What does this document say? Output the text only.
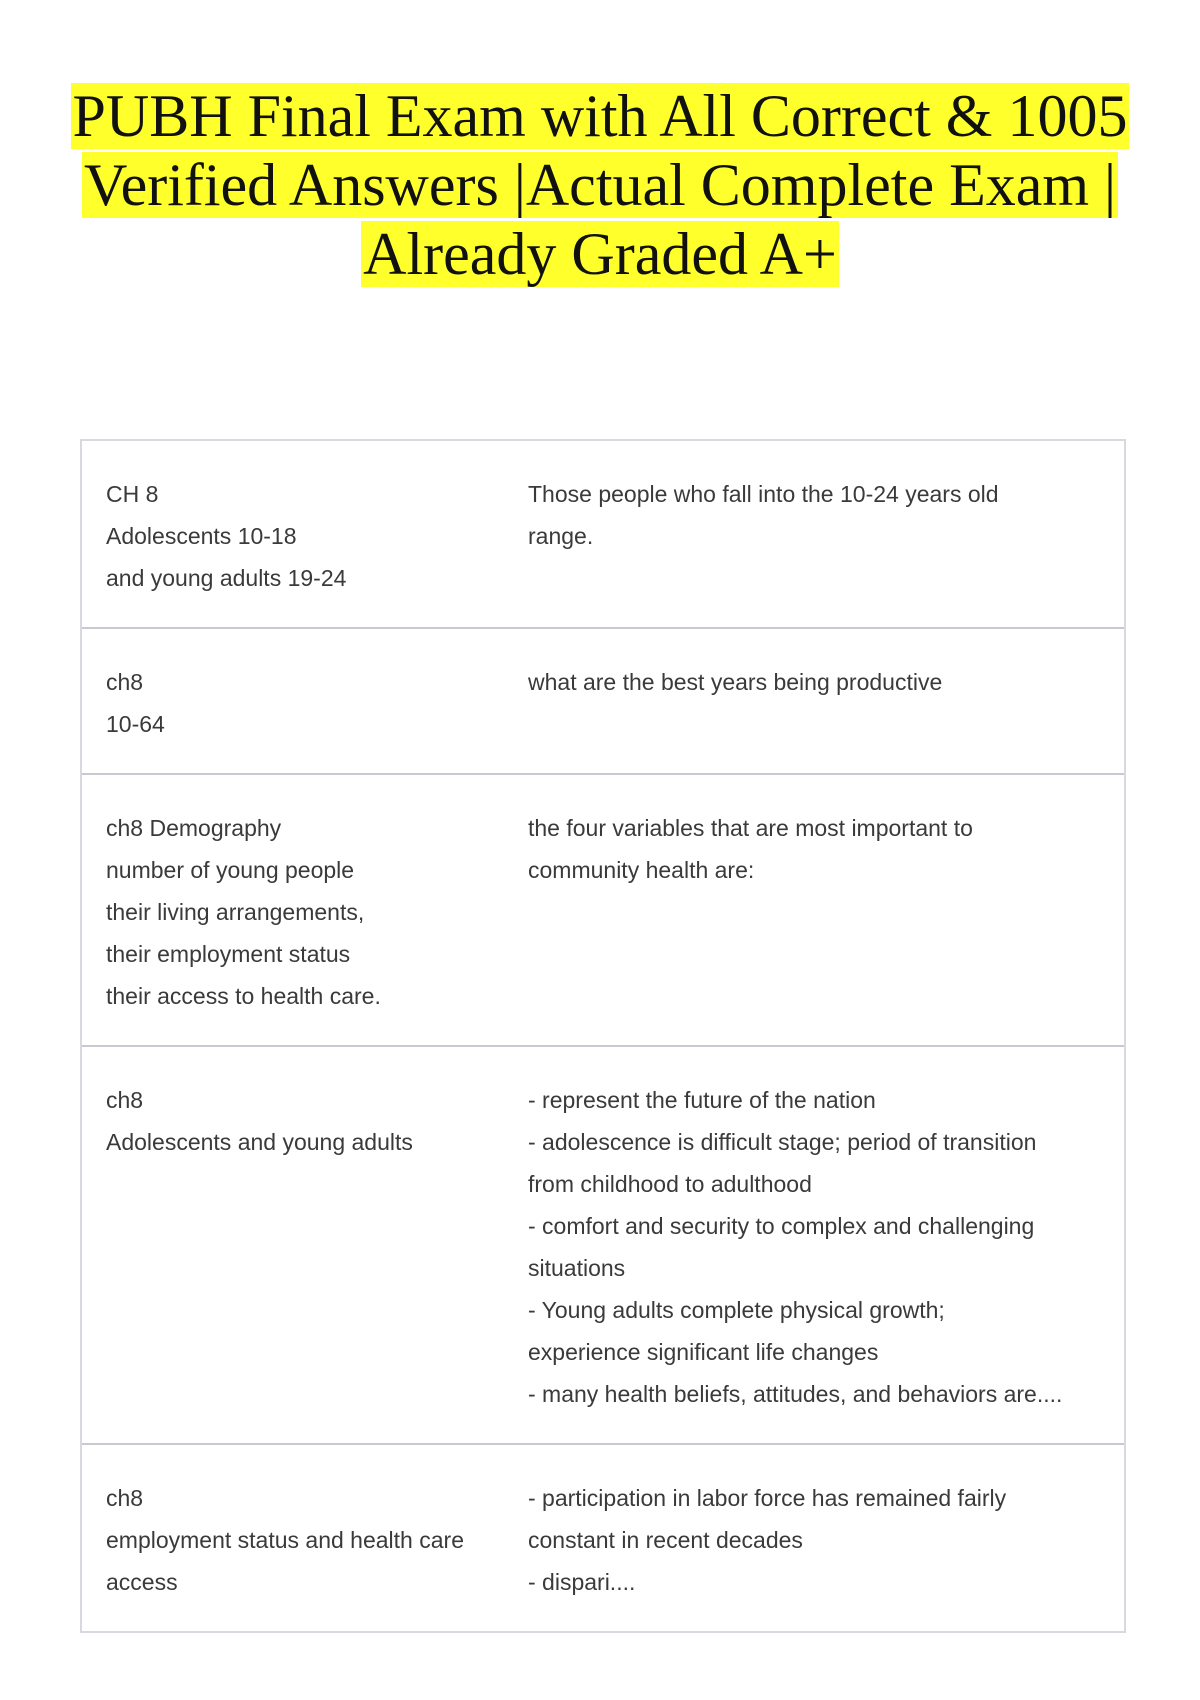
PUBH Final Exam with All Correct & 1005
Verified Answers |Actual Complete Exam |
Already Graded A+
CH 8
Adolescents 10-18
and young adults 19-24
Those people who fall into the 10-24 years old
range.
ch8
10-64
what are the best years being productive
ch8 Demography
number of young people
their living arrangements,
their employment status
their access to health care.
the four variables that are most important to
community health are:
ch8
Adolescents and young adults
- represent the future of the nation
- adolescence is difficult stage; period of transition
from childhood to adulthood
- comfort and security to complex and challenging
situations
- Young adults complete physical growth;
experience significant life changes
- many health beliefs, attitudes, and behaviors are....
ch8
employment status and health care
access
- participation in labor force has remained fairly
constant in recent decades
- dispari....
